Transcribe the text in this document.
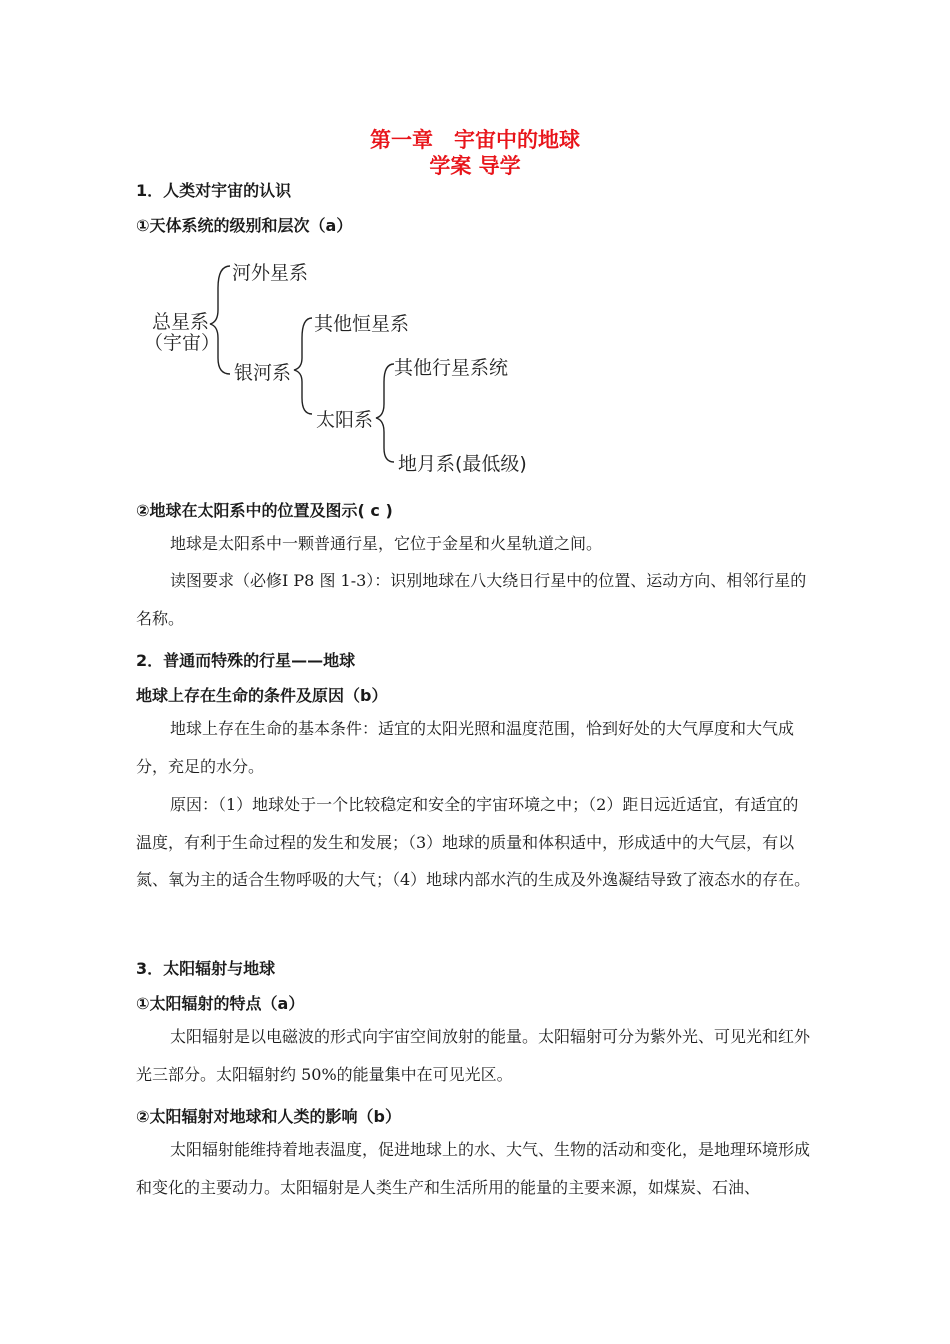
第一章　宇宙中的地球
学案 导学
1．人类对宇宙的认识
①天体系统的级别和层次（a）
总星系
（宇宙）
河外星系
银河系
其他恒星系
太阳系
其他行星系统
地月系(最低级)
②地球在太阳系中的位置及图示( c )
地球是太阳系中一颗普通行星，它位于金星和火星轨道之间。
读图要求（必修Ⅰ P8 图 1-3）：识别地球在八大绕日行星中的位置、运动方向、相邻行星的名称。
2．普通而特殊的行星——地球
地球上存在生命的条件及原因（b）
地球上存在生命的基本条件：适宜的太阳光照和温度范围，恰到好处的大气厚度和大气成分，充足的水分。
原因：（1）地球处于一个比较稳定和安全的宇宙环境之中；（2）距日远近适宜，有适宜的温度，有利于生命过程的发生和发展；（3）地球的质量和体积适中，形成适中的大气层，有以氮、氧为主的适合生物呼吸的大气；（4）地球内部水汽的生成及外逸凝结导致了液态水的存在。
3．太阳辐射与地球
①太阳辐射的特点（a）
太阳辐射是以电磁波的形式向宇宙空间放射的能量。太阳辐射可分为紫外光、可见光和红外光三部分。太阳辐射约 50%的能量集中在可见光区。
②太阳辐射对地球和人类的影响（b）
太阳辐射能维持着地表温度，促进地球上的水、大气、生物的活动和变化，是地理环境形成和变化的主要动力。太阳辐射是人类生产和生活所用的能量的主要来源，如煤炭、石油、
